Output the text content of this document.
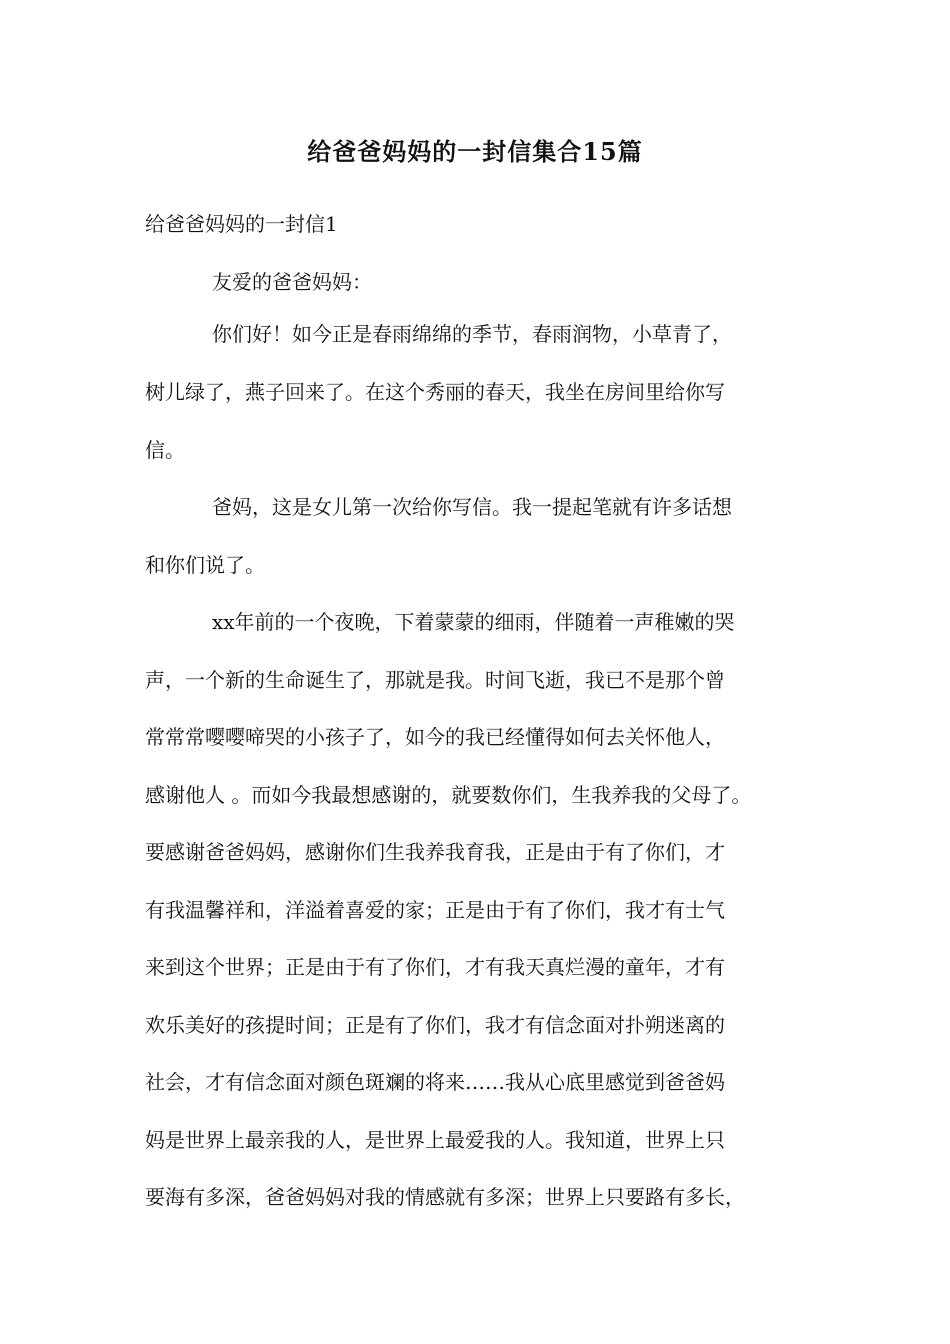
给爸爸妈妈的一封信集合15篇
给爸爸妈妈的一封信1
友爱的爸爸妈妈：
你们好！如今正是春雨绵绵的季节，春雨润物，小草青了，
树儿绿了，燕子回来了。在这个秀丽的春天，我坐在房间里给你写
信。
爸妈，这是女儿第一次给你写信。我一提起笔就有许多话想
和你们说了。
xx年前的一个夜晚，下着蒙蒙的细雨，伴随着一声稚嫩的哭
声，一个新的生命诞生了，那就是我。时间飞逝，我已不是那个曾
常常常嘤嘤啼哭的小孩子了，如今的我已经懂得如何去关怀他人，
感谢他人 。而如今我最想感谢的，就要数你们，生我养我的父母了。
要感谢爸爸妈妈，感谢你们生我养我育我，正是由于有了你们，才
有我温馨祥和，洋溢着喜爱的家；正是由于有了你们，我才有士气
来到这个世界；正是由于有了你们，才有我天真烂漫的童年，才有
欢乐美好的孩提时间；正是有了你们，我才有信念面对扑朔迷离的
社会，才有信念面对颜色斑斓的将来……我从心底里感觉到爸爸妈
妈是世界上最亲我的人，是世界上最爱我的人。我知道，世界上只
要海有多深，爸爸妈妈对我的情感就有多深；世界上只要路有多长，
